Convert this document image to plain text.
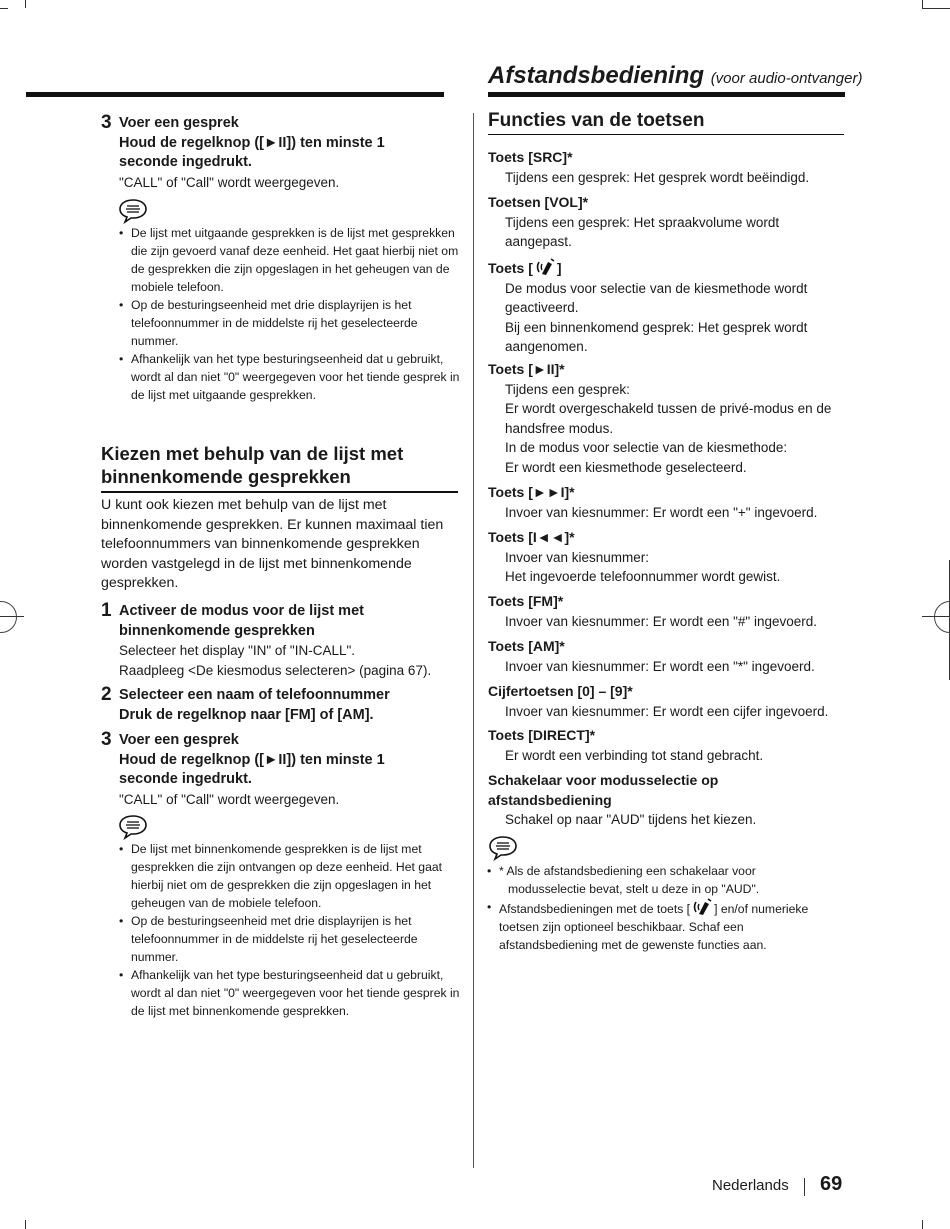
Afstandsbediening (voor audio-ontvanger)
3 Voer een gesprek
Houd de regelknop ([►II]) ten minste 1
seconde ingedrukt.
"CALL" of "Call" wordt weergegeven.
• De lijst met uitgaande gesprekken is de lijst met gesprekken die zijn gevoerd vanaf deze eenheid. Het gaat hierbij niet om de gesprekken die zijn opgeslagen in het geheugen van de mobiele telefoon.
• Op de besturingseenheid met drie displayrijen is het telefoonnummer in de middelste rij het geselecteerde nummer.
• Afhankelijk van het type besturingseenheid dat u gebruikt, wordt al dan niet "0" weergegeven voor het tiende gesprek in de lijst met uitgaande gesprekken.
Kiezen met behulp van de lijst met
binnenkomende gesprekken
U kunt ook kiezen met behulp van de lijst met binnenkomende gesprekken. Er kunnen maximaal tien telefoonnummers van binnenkomende gesprekken worden vastgelegd in de lijst met binnenkomende gesprekken.
1 Activeer de modus voor de lijst met
binnenkomende gesprekken
Selecteer het display "IN" of "IN-CALL".
Raadpleeg <De kiesmodus selecteren> (pagina 67).
2 Selecteer een naam of telefoonnummer
Druk de regelknop naar [FM] of [AM].
3 Voer een gesprek
Houd de regelknop ([►II]) ten minste 1
seconde ingedrukt.
"CALL" of "Call" wordt weergegeven.
• De lijst met binnenkomende gesprekken is de lijst met gesprekken die zijn ontvangen op deze eenheid. Het gaat hierbij niet om de gesprekken die zijn opgeslagen in het geheugen van de mobiele telefoon.
• Op de besturingseenheid met drie displayrijen is het telefoonnummer in de middelste rij het geselecteerde nummer.
• Afhankelijk van het type besturingseenheid dat u gebruikt, wordt al dan niet "0" weergegeven voor het tiende gesprek in de lijst met binnenkomende gesprekken.
Functies van de toetsen
Toets [SRC]*
Tijdens een gesprek: Het gesprek wordt beëindigd.
Toetsen [VOL]*
Tijdens een gesprek: Het spraakvolume wordt
aangepast.
Toets [ ]
De modus voor selectie van de kiesmethode wordt
geactiveerd.
Bij een binnenkomend gesprek: Het gesprek wordt
aangenomen.
Toets [►II]*
Tijdens een gesprek:
Er wordt overgeschakeld tussen de privé-modus en de
handsfree modus.
In de modus voor selectie van de kiesmethode:
Er wordt een kiesmethode geselecteerd.
Toets [►►I]*
Invoer van kiesnummer: Er wordt een "+" ingevoerd.
Toets [I◄◄]*
Invoer van kiesnummer:
Het ingevoerde telefoonnummer wordt gewist.
Toets [FM]*
Invoer van kiesnummer: Er wordt een "#" ingevoerd.
Toets [AM]*
Invoer van kiesnummer: Er wordt een "*" ingevoerd.
Cijfertoetsen [0] – [9]*
Invoer van kiesnummer: Er wordt een cijfer ingevoerd.
Toets [DIRECT]*
Er wordt een verbinding tot stand gebracht.
Schakelaar voor modusselectie op
afstandsbediening
Schakel op naar "AUD" tijdens het kiezen.
• * Als de afstandsbediening een schakelaar voor
modusselectie bevat, stelt u deze in op "AUD".
• Afstandsbedieningen met de toets [ ] en/of numerieke toetsen zijn optioneel beschikbaar. Schaf een afstandsbediening met de gewenste functies aan.
Nederlands 69
